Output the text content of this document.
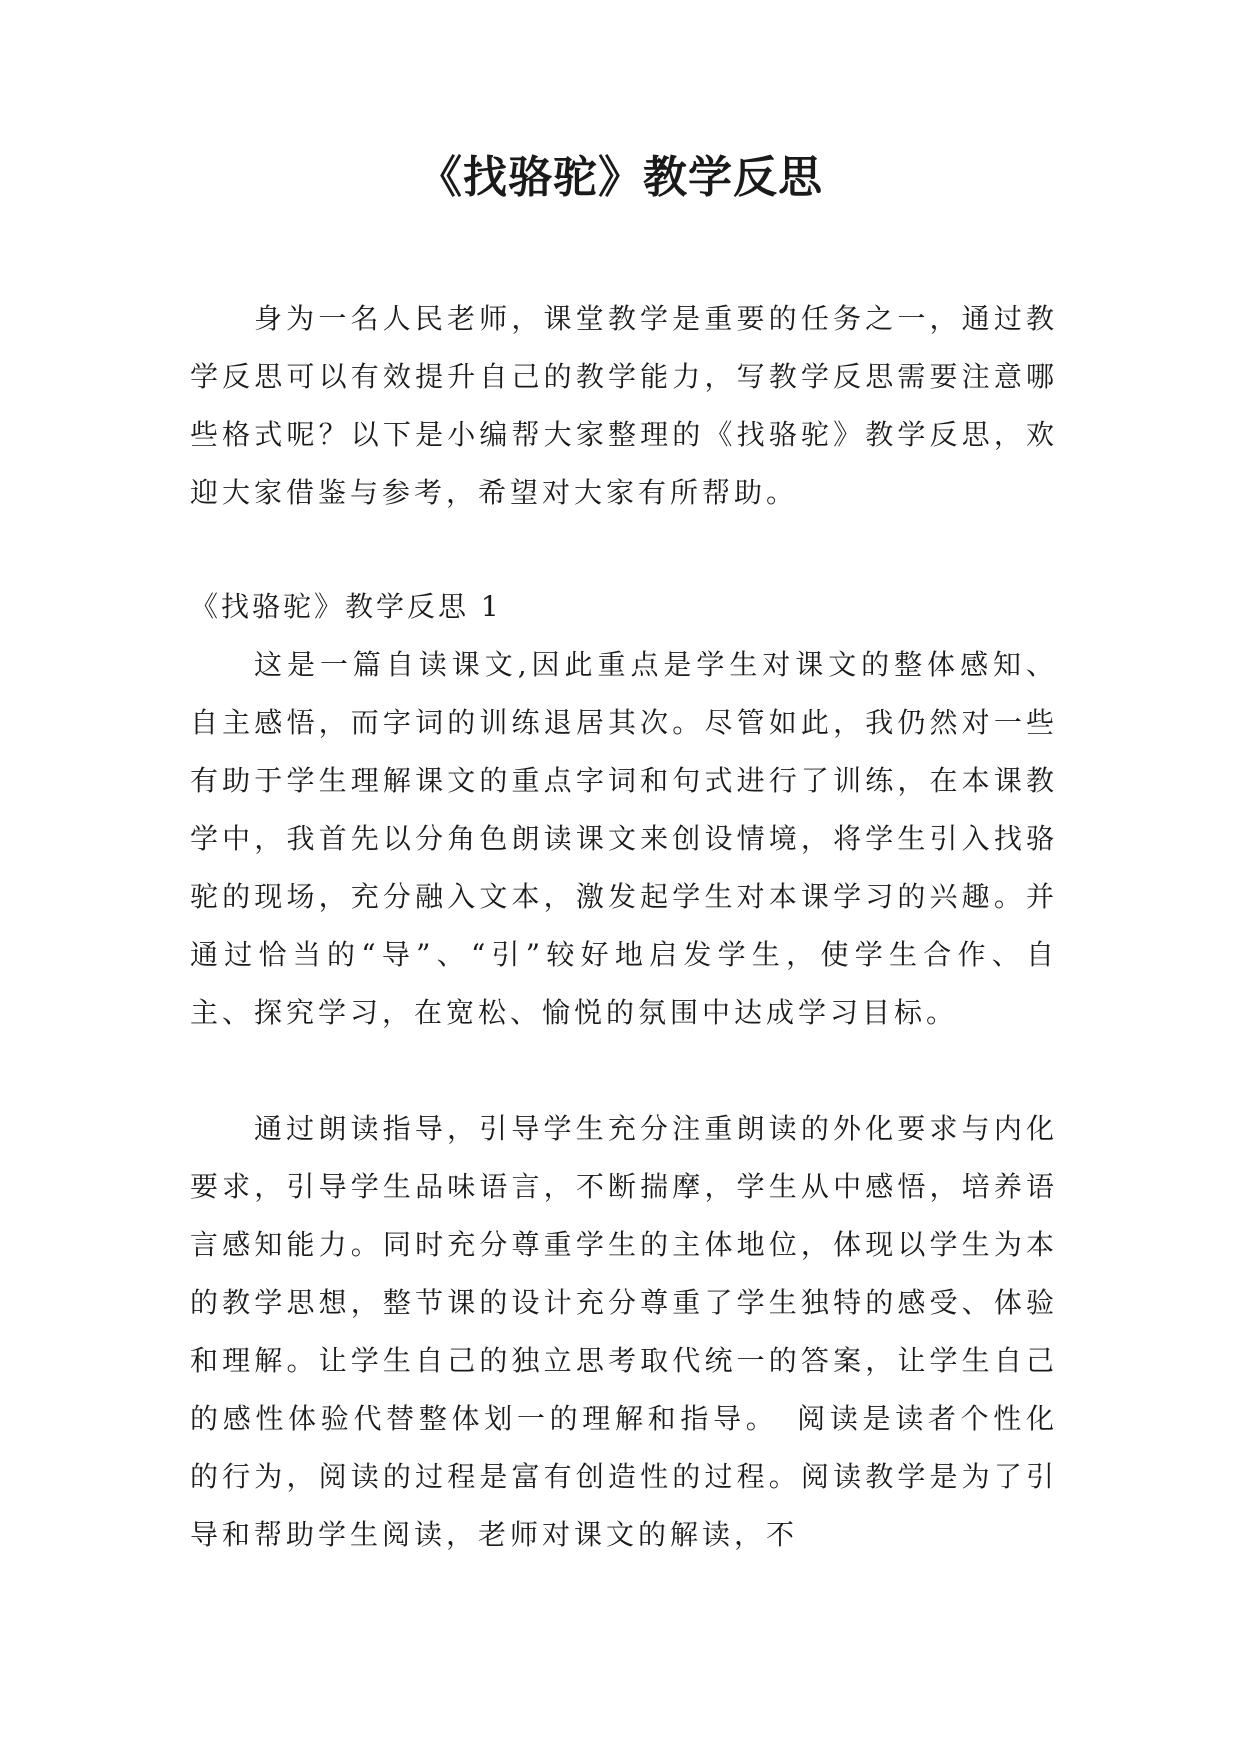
《找骆驼》教学反思

身为一名人民老师，课堂教学是重要的任务之一，通过教学反思可以有效提升自己的教学能力，写教学反思需要注意哪些格式呢？以下是小编帮大家整理的《找骆驼》教学反思，欢迎大家借鉴与参考，希望对大家有所帮助。

《找骆驼》教学反思 1

这是一篇自读课文,因此重点是学生对课文的整体感知、自主感悟，而字词的训练退居其次。尽管如此，我仍然对一些有助于学生理解课文的重点字词和句式进行了训练，在本课教学中，我首先以分角色朗读课文来创设情境，将学生引入找骆驼的现场，充分融入文本，激发起学生对本课学习的兴趣。并通过恰当的“导”、“引”较好地启发学生，使学生合作、自主、探究学习，在宽松、愉悦的氛围中达成学习目标。

通过朗读指导，引导学生充分注重朗读的外化要求与内化要求，引导学生品味语言，不断揣摩，学生从中感悟，培养语言感知能力。同时充分尊重学生的主体地位，体现以学生为本的教学思想，整节课的设计充分尊重了学生独特的感受、体验和理解。让学生自己的独立思考取代统一的答案，让学生自己的感性体验代替整体划一的理解和指导。　阅读是读者个性化的行为，阅读的过程是富有创造性的过程。阅读教学是为了引导和帮助学生阅读，老师对课文的解读，不
